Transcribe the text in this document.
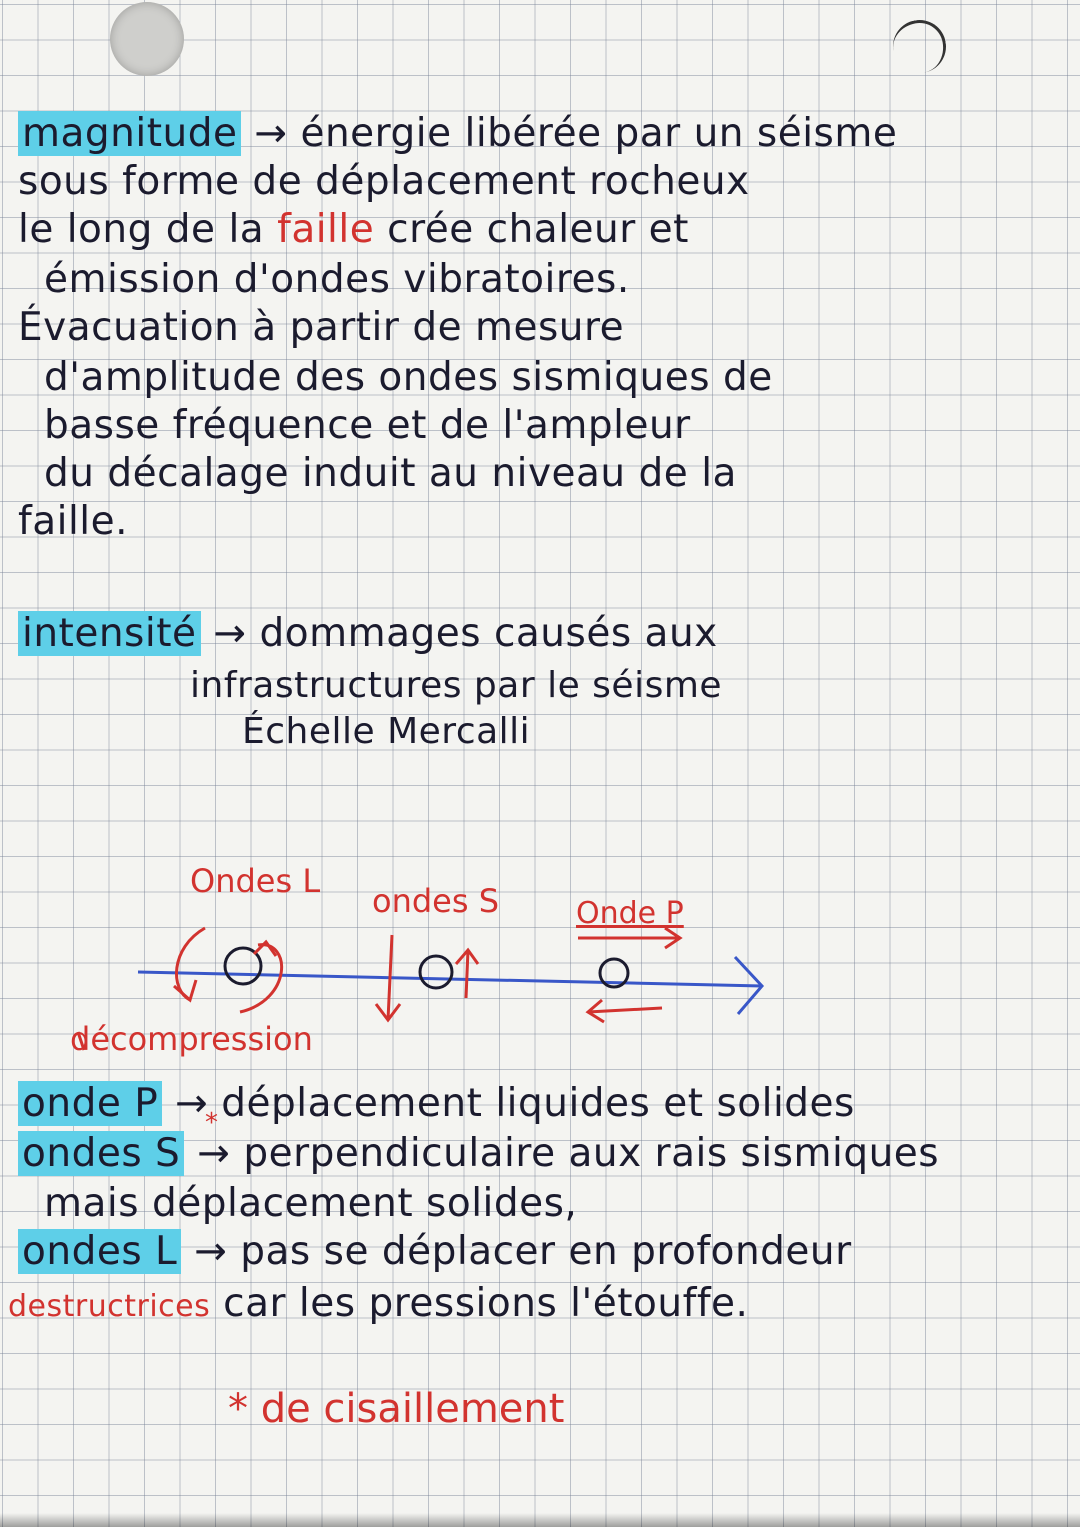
magnitude → énergie libérée par un séisme
sous forme de déplacement rocheux
le long de la faille crée chaleur et
émission d'ondes vibratoires.
Évacuation à partir de mesure
d'amplitude des ondes sismiques de
basse fréquence et de l'ampleur
du décalage induit au niveau de la
faille.
intensité → dommages causés aux
infrastructures par le séisme
Échelle Mercalli
Ondes L
ondes S	Onde P
décompression
onde P → déplacement liquides et solides
*
ondes S → perpendiculaire aux rais sismiques
mais déplacement solides,
ondes L → pas se déplacer en profondeur
destructrices car les pressions l'étouffe.
* de cisaillement
